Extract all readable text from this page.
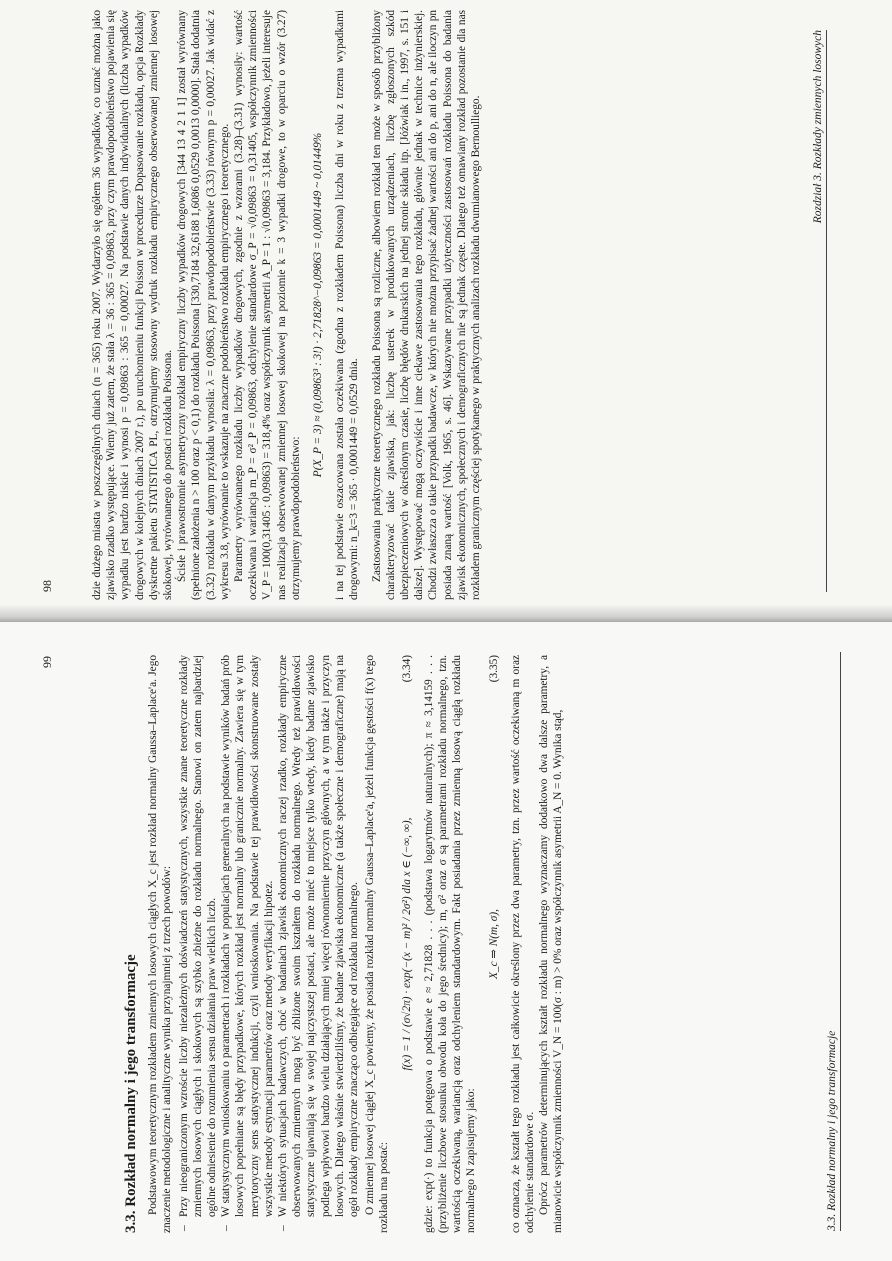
Rozdział 3. Rozkłady zmiennych losowych

dzie dużego miasta w poszczególnych dniach (n = 365) roku 2007. Wydarzyło się ogółem 36 wypadków, co uznać można jako zjawisko rzadko występujące. Wiemy już zatem, że stała λ = 36 : 365 = 0,09863, przy czym prawdopodobieństwo pojawienia się wypadku jest bardzo niskie i wynosi p = 0,09863 : 365 = 0,00027. Na podstawie danych indywidualnych (liczba wypadków drogowych w kolejnych dniach 2007 r.), po uruchomieniu funkcji Poisson w procedurze Dopasowanie rozkładu, opcja Rozkłady dyskretne pakietu STATISTICA PL, otrzymujemy stosowny wydruk rozkładu empirycznego obserwowanej zmiennej losowej skokowej, wyrównanego do postaci rozkładu Poissona. Ścisłe i prawostronnie asymetryczny rozkład empiryczny liczby wypadków drogowych [344 13 4 2 1 1] został wyrównany (spełnione założenia n > 100 oraz p < 0,1) do rozkładu Poissona [330,7184 32,6188 1,6086 0,0529 0,0013 0,0000]. Stała dodatnia (3.32) rozkładu w danym przykładu wynosiła: λ = 0,09863, przy prawdopodobieństwie (3.33) równym p = 0,00027. Jak widać z wykresu 3.8, wyrównanie to wskazuje na znaczne podobieństwo rozkładu empirycznego i teoretycznego. Parametry wyrównanego rozkładu liczby wypadków drogowych, zgodnie z wzorami (3.28)–(3.31) wynosiły: wartość oczekiwana i wariancja m_P = σ²_P = 0,09863, odchylenie standardowe σ_P = √0,09863 = 0,31405, współczynnik zmienności V_P = 100(0,31405 : 0,09863) = 318,4% oraz współczynnik asymetrii A_P = 1 : √0,09863 = 3,184. Przykładowo, jeżeli interesuje nas realizacja obserwowanej zmiennej losowej skokowej na poziomie k = 3 wypadki drogowe, to w oparciu o wzór (3.27) otrzymujemy prawdopodobieństwo:

P(X_P = 3) ≈ (0,09863³ : 3!) · 2,71828^−0,09863 = 0,0001449 ~ 0,01449% i na tej podstawie oszacowana została oczekiwana (zgodna z rozkładem Poissona) liczba dni w roku z trzema wypadkami drogowymi: n_k=3 = 365 · 0,0001449 = 0,0529 dnia. Zastosowania praktyczne teoretycznego rozkładu Poissona są rozliczne, albowiem rozkład ten może w sposób przybliżony charakteryzować takie zjawiska, jak: liczbę usterek w produkowanych urządzeniach, liczbę zgłoszonych szkód ubezpieczeniowych w określonym czasie, liczbę błędów drukarskich na jednej stronie składu itp. [Jóźwiak i in., 1997, s. 151 i dalsze]. Występować mogą oczywiście i inne ciekawe zastosowania tego rozkładu, głównie jednak w technice inżynierskiej. Chodzi zwłaszcza o takie przypadki badawcze, w których nie można przypisać żadnej wartości ani do p, ani do n, ale iloczyn pn posiada znaną wartość [Volk, 1965, s. 46]. Wskazywane przypadki użyteczności zastosowań rozkładu Poissona do badania zjawisk ekonomicznych, społecznych i demograficznych nie są jednak częste. Dlatego też omawiany rozkład pozostanie dla nas rozkładem granicznym częściej spotykanego w praktycznych analizach rozkładu dwumianowego Bernoulliego.

98
3.3. Rozkład normalny i jego transformacje
3.3. Rozkład normalny i jego transformacje Podstawowym teoretycznym rozkładem zmiennych losowych ciągłych X_c jest rozkład normalny Gaussa–Laplace'a. Jego znaczenie metodologiczne i analityczne wynika przynajmniej z trzech powodów: – Przy nieograniczonym wzroście liczby niezależnych doświadczeń statystycznych, wszystkie znane teoretyczne rozkłady zmiennych losowych ciągłych i skokowych są szybko zbieżne do rozkładu normalnego. Stanowi on zatem najbardziej ogólne odniesienie do rozumienia sensu działania praw wielkich liczb. – W statystycznym wnioskowaniu o parametrach i rozkładach w populacjach generalnych na podstawie wyników badań prób losowych popełniane są błędy przypadkowe, których rozkład jest normalny lub granicznie normalny. Zawiera się w tym merytoryczny sens statystycznej indukcji, czyli wnioskowania. Na podstawie tej prawidłowości skonstruowane zostały wszystkie metody estymacji parametrów oraz metody weryfikacji hipotez. – W niektórych sytuacjach badawczych, choć w badaniach zjawisk ekonomicznych raczej rzadko, rozkłady empiryczne obserwowanych zmiennych mogą być zbliżone swoim kształtem do rozkładu normalnego. Wtedy też prawidłowości statystyczne ujawniają się w swojej najczystszej postaci, ale może mieć to miejsce tylko wtedy, kiedy badane zjawisko podlega wpływowi bardzo wielu działających mniej więcej równomiernie przyczyn głównych, a w tym także i przyczyn losowych. Dlatego właśnie stwierdziliśmy, że badane zjawiska ekonomiczne (a także społeczne i demograficzne) mają na ogół rozkłady empiryczne znacząco odbiegające od rozkładu normalnego. O zmiennej losowej ciągłej X_c powiemy, że posiada rozkład normalny Gaussa–Laplace'a, jeżeli funkcja gęstości f(x) tego rozkładu ma postać:

f(x) = 1 / (σ√2π) · exp(−(x − m)² / 2σ²) dla x ∈ (−∞, ∞),
(3.34) gdzie: exp(·) to funkcja potęgowa o podstawie e ≈ 2,71828 . . . (podstawa logarytmów naturalnych); π ≈ 3,14159 . . . (przybliżenie liczbowe stosunku obwodu koła do jego średnicy); m, σ² oraz σ są parametrami rozkładu normalnego, tzn. wartością oczekiwaną, wariancją oraz odchyleniem standardowym. Fakt posiadania przez zmienną losową ciągłą rozkładu normalnego N zapisujemy jako:

X_c ⇒ N(m, σ),
(3.35) co oznacza, że kształt tego rozkładu jest całkowicie określony przez dwa parametry, tzn. przez wartość oczekiwaną m oraz odchylenie standardowe σ. Oprócz parametrów determinujących kształt rozkładu normalnego wyznaczamy dodatkowo dwa dalsze parametry, a mianowicie współczynnik zmienności V_N = 100(σ : m) > 0% oraz współczynnik asymetrii A_N = 0. Wynika stąd,

99
